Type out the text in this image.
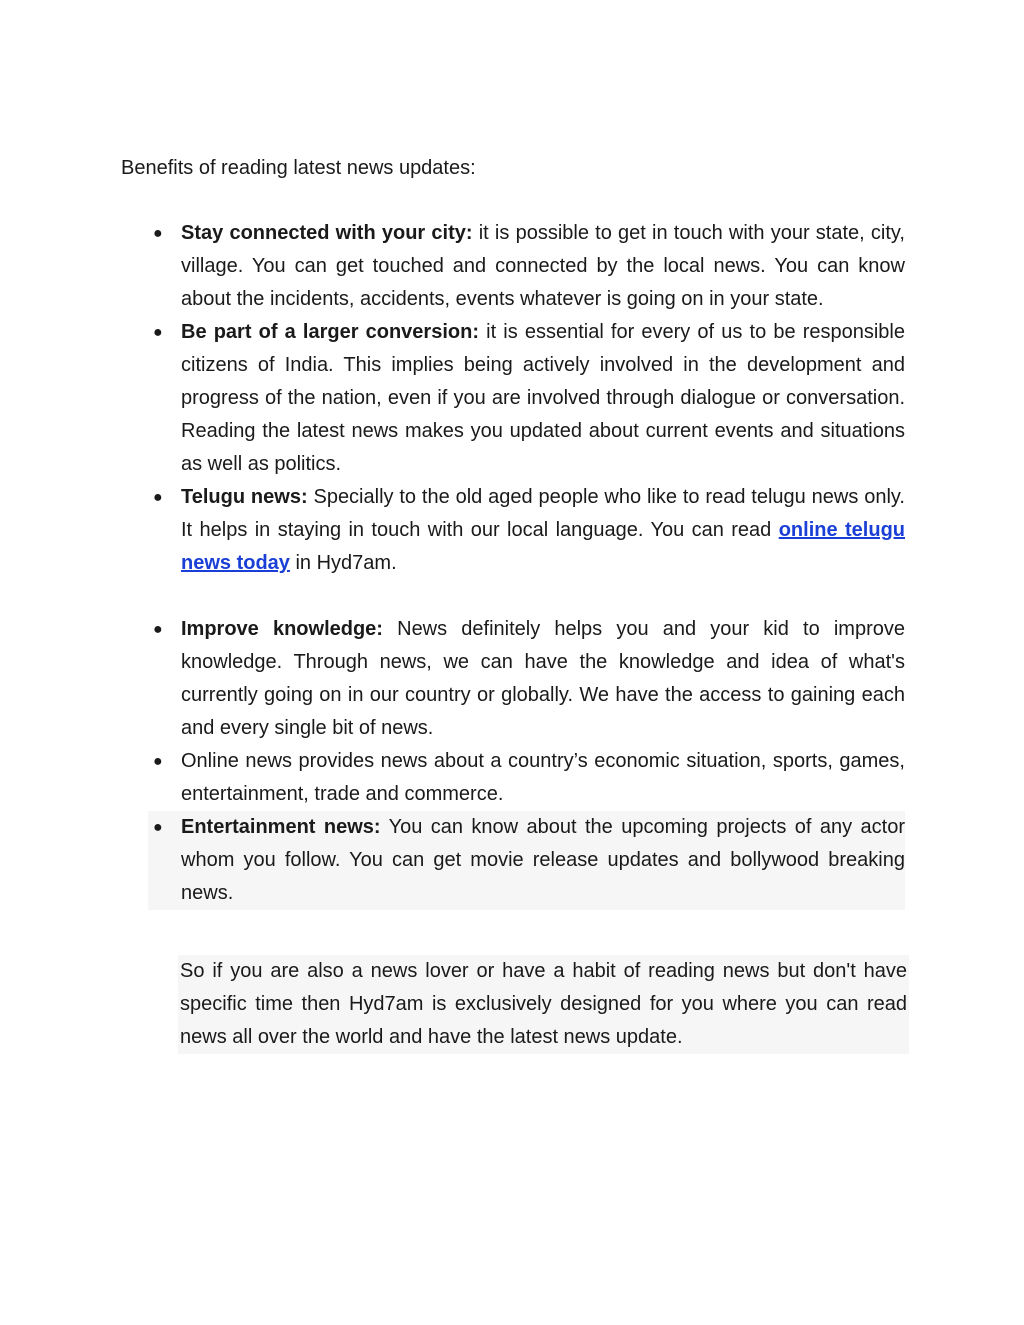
Benefits of reading latest news updates:

● Stay connected with your city: it is possible to get in touch with your state, city, village. You can get touched and connected by the local news. You can know about the incidents, accidents, events whatever is going on in your state.
● Be part of a larger conversion: it is essential for every of us to be responsible citizens of India. This implies being actively involved in the development and progress of the nation, even if you are involved through dialogue or conversation. Reading the latest news makes you updated about current events and situations as well as politics.
● Telugu news: Specially to the old aged people who like to read telugu news only. It helps in staying in touch with our local language. You can read online telugu news today in Hyd7am.
● Improve knowledge: News definitely helps you and your kid to improve knowledge. Through news, we can have the knowledge and idea of what's currently going on in our country or globally. We have the access to gaining each and every single bit of news.
● Online news provides news about a country’s economic situation, sports, games, entertainment, trade and commerce.
● Entertainment news: You can know about the upcoming projects of any actor whom you follow. You can get movie release updates and bollywood breaking news.

So if you are also a news lover or have a habit of reading news but don't have specific time then Hyd7am is exclusively designed for you where you can read news all over the world and have the latest news update.
